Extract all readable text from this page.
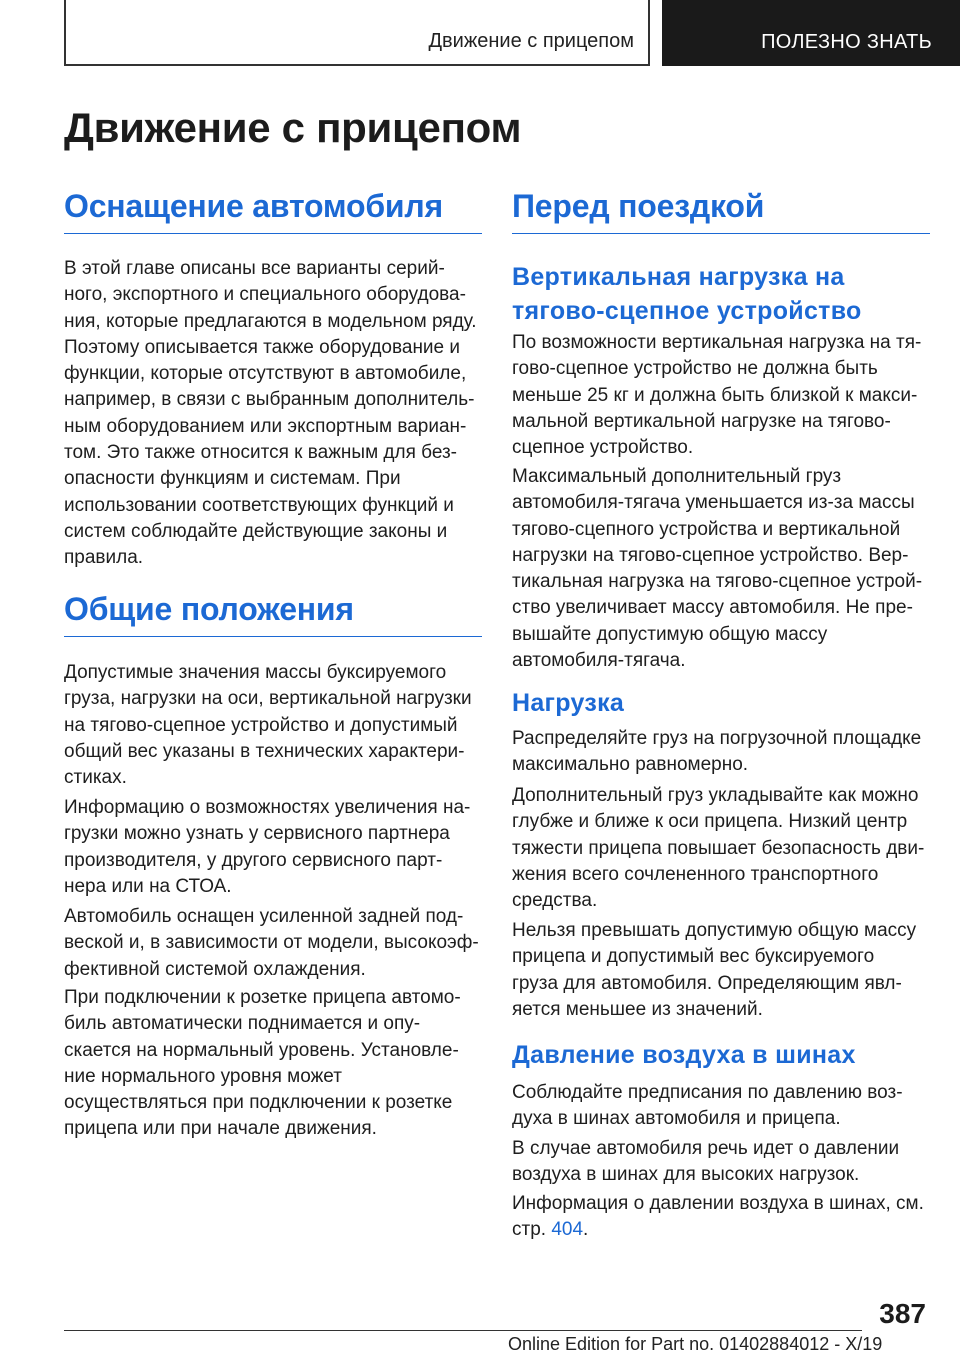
Движение с прицепом	ПОЛЕЗНО ЗНАТЬ
Движение с прицепом
Оснащение автомобиля
В этой главе описаны все варианты серий-
ного, экспортного и специального оборудова-
ния, которые предлагаются в модельном ряду.
Поэтому описывается также оборудование и
функции, которые отсутствуют в автомобиле,
например, в связи с выбранным дополнитель-
ным оборудованием или экспортным вариан-
том. Это также относится к важным для без-
опасности функциям и системам. При
использовании соответствующих функций и
систем соблюдайте действующие законы и
правила.
Общие положения
Допустимые значения массы буксируемого
груза, нагрузки на оси, вертикальной нагрузки
на тягово-сцепное устройство и допустимый
общий вес указаны в технических характери-
стиках.
Информацию о возможностях увеличения на-
грузки можно узнать у сервисного партнера
производителя, у другого сервисного парт-
нера или на СТОА.
Автомобиль оснащен усиленной задней под-
веской и, в зависимости от модели, высокоэф-
фективной системой охлаждения.
При подключении к розетке прицепа автомо-
биль автоматически поднимается и опу-
скается на нормальный уровень. Установле-
ние нормального уровня может
осуществляться при подключении к розетке
прицепа или при начале движения.
Перед поездкой
Вертикальная нагрузка на
тягово-сцепное устройство
По возможности вертикальная нагрузка на тя-
гово-сцепное устройство не должна быть
меньше 25 кг и должна быть близкой к макси-
мальной вертикальной нагрузке на тягово-
сцепное устройство.
Максимальный дополнительный груз
автомобиля-тягача уменьшается из-за массы
тягово-сцепного устройства и вертикальной
нагрузки на тягово-сцепное устройство. Вер-
тикальная нагрузка на тягово-сцепное устрой-
ство увеличивает массу автомобиля. Не пре-
вышайте допустимую общую массу
автомобиля-тягача.
Нагрузка
Распределяйте груз на погрузочной площадке
максимально равномерно.
Дополнительный груз укладывайте как можно
глубже и ближе к оси прицепа. Низкий центр
тяжести прицепа повышает безопасность дви-
жения всего сочлененного транспортного
средства.
Нельзя превышать допустимую общую массу
прицепа и допустимый вес буксируемого
груза для автомобиля. Определяющим явл-
яется меньшее из значений.
Давление воздуха в шинах
Соблюдайте предписания по давлению воз-
духа в шинах автомобиля и прицепа.
В случае автомобиля речь идет о давлении
воздуха в шинах для высоких нагрузок.
Информация о давлении воздуха в шинах, см.
стр. 404.
387
Online Edition for Part no. 01402884012 - X/19
